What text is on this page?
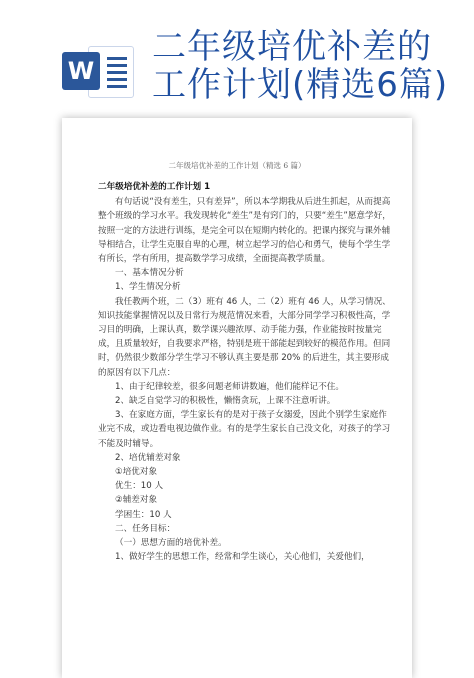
W
二年级培优补差的
工作计划(精选6篇)
二年级培优补差的工作计划（精选 6 篇）

二年级培优补差的工作计划 1

有句话说“没有差生，只有差异”，所以本学期我从后进生抓起，从而提高整个班级的学习水平。我发现转化“差生”是有窍门的，只要“差生”愿意学好，按照一定的方法进行训练，是完全可以在短期内转化的。把课内探究与课外辅导相结合，让学生克服自卑的心理，树立起学习的信心和勇气，使每个学生学有所长，学有所用，提高数学学习成绩，全面提高教学质量。

一、基本情况分析

1、学生情况分析

我任教两个班，二（3）班有 46 人，二（2）班有 46 人，从学习情况、知识技能掌握情况以及日常行为规范情况来看，大部分同学学习积极性高，学习目的明确，上课认真，数学课兴趣浓厚、动手能力强，作业能按时按量完成，且质量较好，自我要求严格，特别是班干部能起到较好的模范作用。但同时，仍然很少数部分学生学习不够认真主要是那 20% 的后进生，其主要形成的原因有以下几点：

1、由于纪律较差，很多问题老师讲数遍，他们能样记不住。

2、缺乏自觉学习的积极性，懒惰贪玩，上课不注意听讲。

3、在家庭方面，学生家长有的是对于孩子女溺爱，因此个别学生家庭作业完不成，或边看电视边做作业。有的是学生家长自己没文化，对孩子的学习不能及时辅导。

2、培优辅差对象

①培优对象

优生：10 人

②辅差对象

学困生：10 人

二、任务目标：

（一）思想方面的培优补差。

1、做好学生的思想工作，经常和学生谈心，关心他们，关爱他们，
